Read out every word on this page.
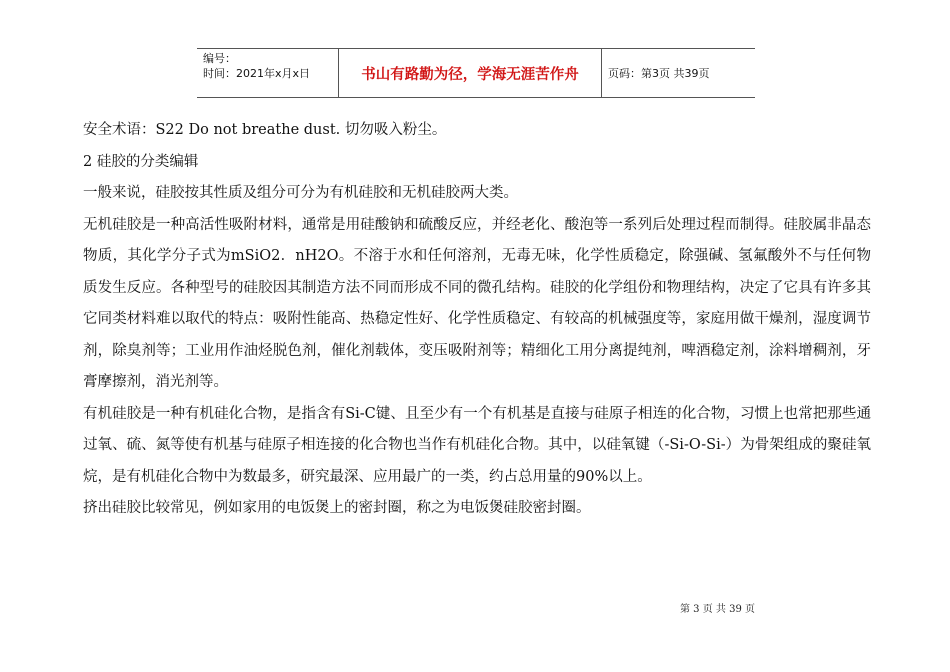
编号：
时间：2021年x月x日	书山有路勤为径，学海无涯苦作舟	页码：第3页 共39页

安全术语：S22 Do not breathe dust. 切勿吸入粉尘。

2 硅胶的分类编辑

一般来说，硅胶按其性质及组分可分为有机硅胶和无机硅胶两大类。

无机硅胶是一种高活性吸附材料，通常是用硅酸钠和硫酸反应，并经老化、酸泡等一系列后处理过程而制得。硅胶属非晶态物质，其化学分子式为mSiO2．nH2O。不溶于水和任何溶剂，无毒无味，化学性质稳定，除强碱、氢氟酸外不与任何物质发生反应。各种型号的硅胶因其制造方法不同而形成不同的微孔结构。硅胶的化学组份和物理结构，决定了它具有许多其它同类材料难以取代的特点：吸附性能高、热稳定性好、化学性质稳定、有较高的机械强度等，家庭用做干燥剂，湿度调节剂，除臭剂等；工业用作油烃脱色剂，催化剂载体，变压吸附剂等；精细化工用分离提纯剂，啤酒稳定剂，涂料增稠剂，牙膏摩擦剂，消光剂等。

有机硅胶是一种有机硅化合物，是指含有Si-C键、且至少有一个有机基是直接与硅原子相连的化合物，习惯上也常把那些通过氧、硫、氮等使有机基与硅原子相连接的化合物也当作有机硅化合物。其中，以硅氧键（-Si-O-Si-）为骨架组成的聚硅氧烷，是有机硅化合物中为数最多，研究最深、应用最广的一类，约占总用量的90%以上。

挤出硅胶比较常见，例如家用的电饭煲上的密封圈，称之为电饭煲硅胶密封圈。

第 3 页 共 39 页
